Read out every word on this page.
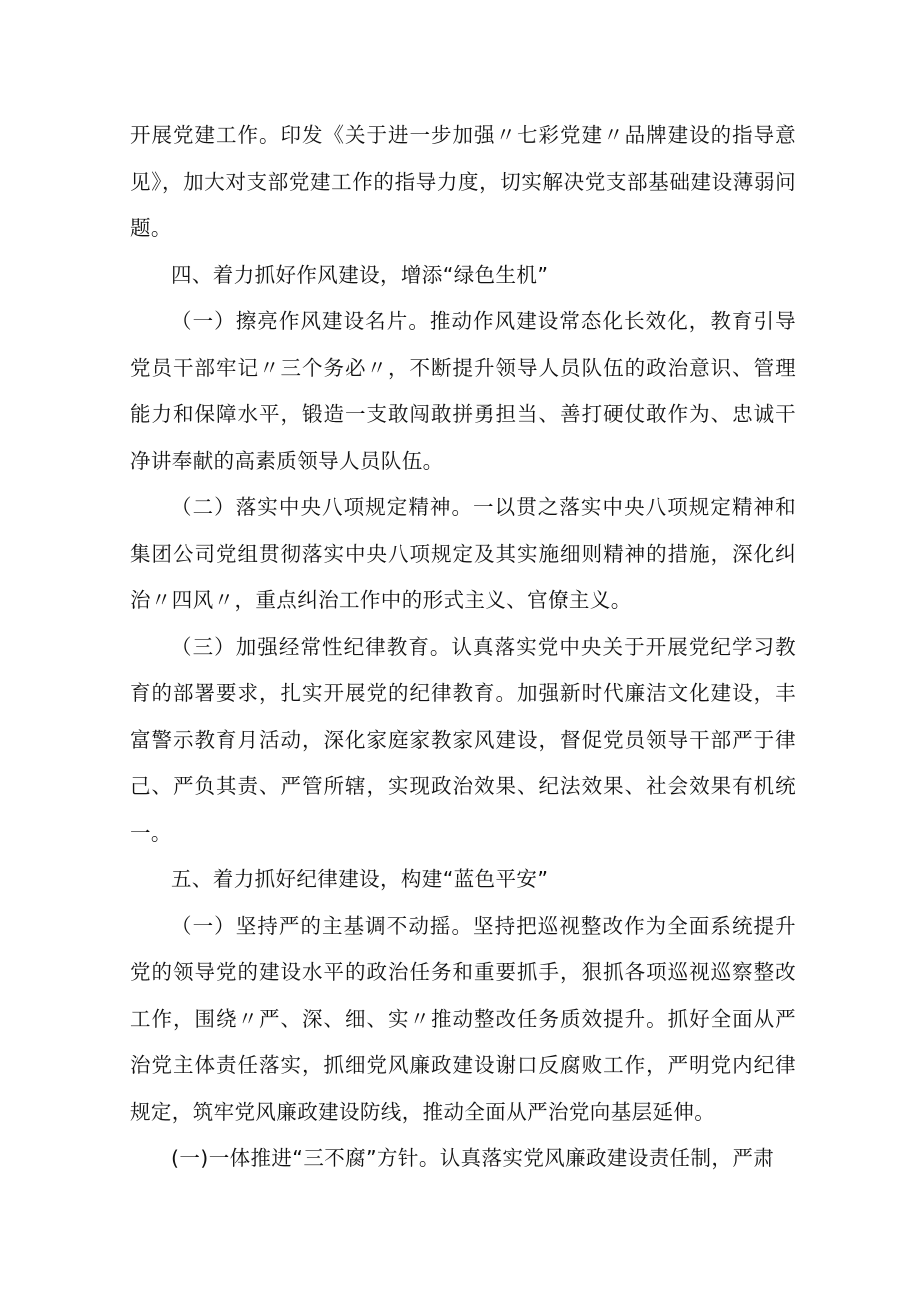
开展党建工作。印发《关于进一步加强〃七彩党建〃品牌建设的指导意见》，加大对支部党建工作的指导力度，切实解决党支部基础建设薄弱问题。

四、着力抓好作风建设，增添“绿色生机”

（一）擦亮作风建设名片。推动作风建设常态化长效化，教育引导党员干部牢记〃三个务必〃，不断提升领导人员队伍的政治意识、管理能力和保障水平，锻造一支敢闯敢拼勇担当、善打硬仗敢作为、忠诚干净讲奉献的高素质领导人员队伍。

（二）落实中央八项规定精神。一以贯之落实中央八项规定精神和集团公司党组贯彻落实中央八项规定及其实施细则精神的措施，深化纠治〃四风〃，重点纠治工作中的形式主义、官僚主义。

（三）加强经常性纪律教育。认真落实党中央关于开展党纪学习教育的部署要求，扎实开展党的纪律教育。加强新时代廉洁文化建设，丰富警示教育月活动，深化家庭家教家风建设，督促党员领导干部严于律己、严负其责、严管所辖，实现政治效果、纪法效果、社会效果有机统一。

五、着力抓好纪律建设，构建“蓝色平安”

（一）坚持严的主基调不动摇。坚持把巡视整改作为全面系统提升党的领导党的建设水平的政治任务和重要抓手，狠抓各项巡视巡察整改工作，围绕〃严、深、细、实〃推动整改任务质效提升。抓好全面从严治党主体责任落实，抓细党风廉政建设谢口反腐败工作，严明党内纪律规定，筑牢党风廉政建设防线，推动全面从严治党向基层延伸。

(一)一体推进“三不腐”方针。认真落实党风廉政建设责任制，严肃
